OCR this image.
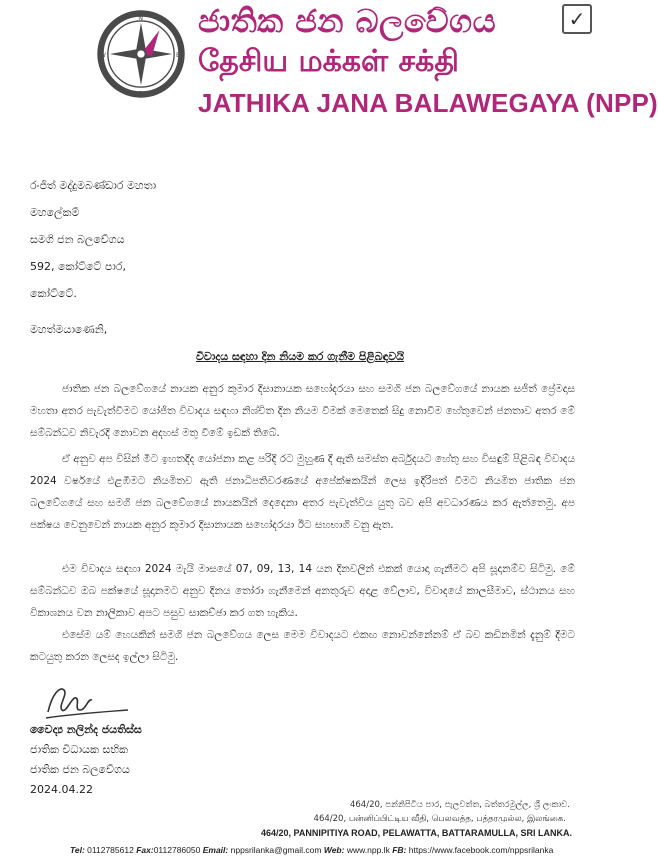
N
E
S
W
ජාතික ජන බලවේගය
தேசிய மக்கள் சக்தி
JATHIKA JANA BALAWEGAYA (NPP)
✓
රංජිත් මද්දුමබණ්ඩාර මහතා
මහලේකම්
සමගි ජන බලවේගය
592, කෝට්ටේ පාර,
කෝට්ටේ.
මහත්මයාණෙනි,
විවාදය සඳහා දින නියම කර ගැනීම පිළිබඳවයි
ජාතික ජන බලවේගයේ නායක අනුර කුමාර දිසානායක සහෝදරයා සහ සමගි ජන බලවේගයේ නායක සජිත් ප්‍රේමදාස මහතා අතර පැවැත්වීමට යෝජිත විවාදය සඳහා නිශ්චිත දින නියම වීමක් මෙතෙක් සිදු නොවීම හේතුවෙන් ජනතාව අතර මේ සම්බන්ධව නිවැරදි නොවන අදහස් මතු වීමේ ඉඩක් තිබේ.
ඒ අනුව අප විසින් මීට ඉහතදීද යෝජනා කළ පරිදි රට මුහුණ දී ඇති සමස්ත අර්බුදයට හේතු සහ විසඳුම් පිළිබඳ විවාදය 2024 වර්ෂයේ එළඹීමට නියමිතව ඇති ජනාධිපතිවරණයේ අපේක්ෂකයින් ලෙස ඉදිරිපත් වීමට නියමිත ජාතික ජන බලවේගයේ සහ සමගි ජන බලවේගයේ නායකයින් දෙදෙනා අතර පැවැත්විය යුතු බව අපි අවධාරණය කර ඇත්තෙමු. අප පක්ෂය වෙනුවෙන් නායක අනුර කුමාර දිසානායක සහෝදරයා ඊට සහභාගි වනු ඇත.
එම විවාදය සඳහා 2024 මැයි මාසයේ 07, 09, 13, 14 යන දිනවලින් එකක් යොදා ගැනීමට අපි සූදානම්ව සිටිමු. මේ සම්බන්ධව ඔබ පක්ෂයේ සූදානමට අනුව දිනය තෝරා ගැනීමෙන් අනතුරුව අදාළ වේලාව, විවාදයේ කාලසීමාව, ස්ථානය සහ විකාශනය වන නාලිකාව අපට පසුව සාකච්ඡා කර ගත හැකිය.
එසේම යම් හෙයකින් සමගි ජන බලවේගය ලෙස මෙම විවාදයට එකඟ නොවන්නේනම් ඒ බව කඩිනමින් දැනුම් දීමට කටයුතු කරන ලෙසද ඉල්ලා සිටිමු.
වෛද්‍ය නලින්ද ජයතිස්ස
ජාතික විධායක සභික
ජාතික ජන බලවේගය
2024.04.22
464/20, පන්නිපිටිය පාර, පැලවත්ත, බත්තරමුල්ල, ශ්‍රී ලංකාව.
464/20, பன்னிப்பிட்டிய வீதி, பெலவத்த, பத்தரமுல்ல, இலங்கை.
464/20, PANNIPITIYA ROAD, PELAWATTA, BATTARAMULLA, SRI LANKA.
Tel: 0112785612 Fax:0112786050 Email: nppsrilanka@gmail.com Web: www.npp.lk FB: https://www.facebook.com/nppsrilanka
